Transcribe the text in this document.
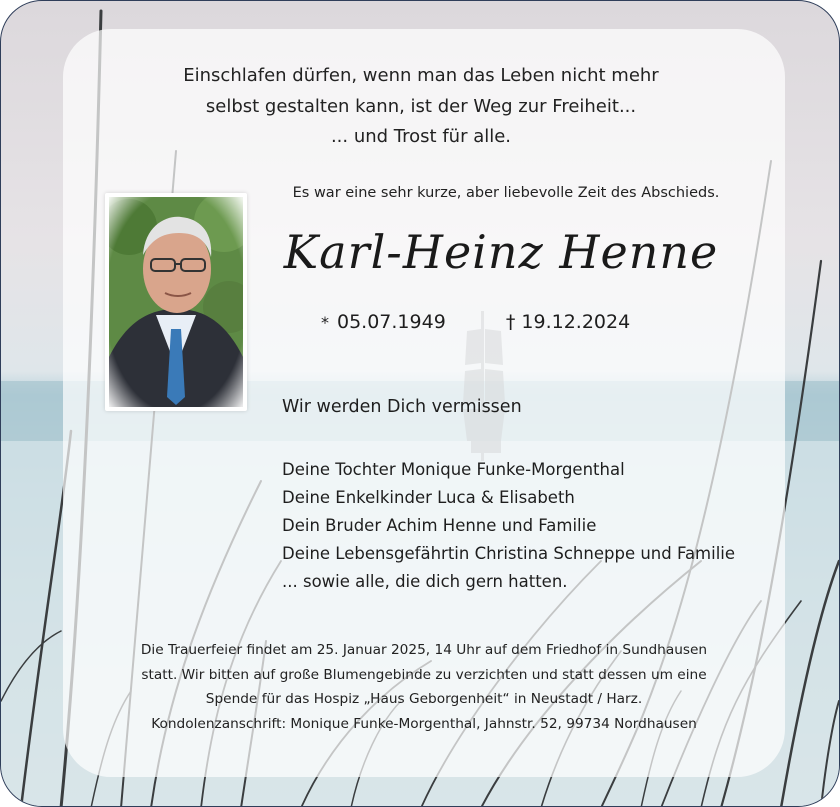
Einschlafen dürfen, wenn man das Leben nicht mehr
selbst gestalten kann, ist der Weg zur Freiheit...
... und Trost für alle.
Es war eine sehr kurze, aber liebevolle Zeit des Abschieds.
Karl-Heinz Henne
* 05.07.1949	† 19.12.2024
Wir werden Dich vermissen
Deine Tochter Monique Funke-Morgenthal
Deine Enkelkinder Luca & Elisabeth
Dein Bruder Achim Henne und Familie
Deine Lebensgefährtin Christina Schneppe und Familie
... sowie alle, die dich gern hatten.
Die Trauerfeier findet am 25. Januar 2025, 14 Uhr auf dem Friedhof in Sundhausen
statt. Wir bitten auf große Blumengebinde zu verzichten und statt dessen um eine
Spende für das Hospiz „Haus Geborgenheit“ in Neustadt / Harz.
Kondolenzanschrift: Monique Funke-Morgenthal, Jahnstr. 52, 99734 Nordhausen
